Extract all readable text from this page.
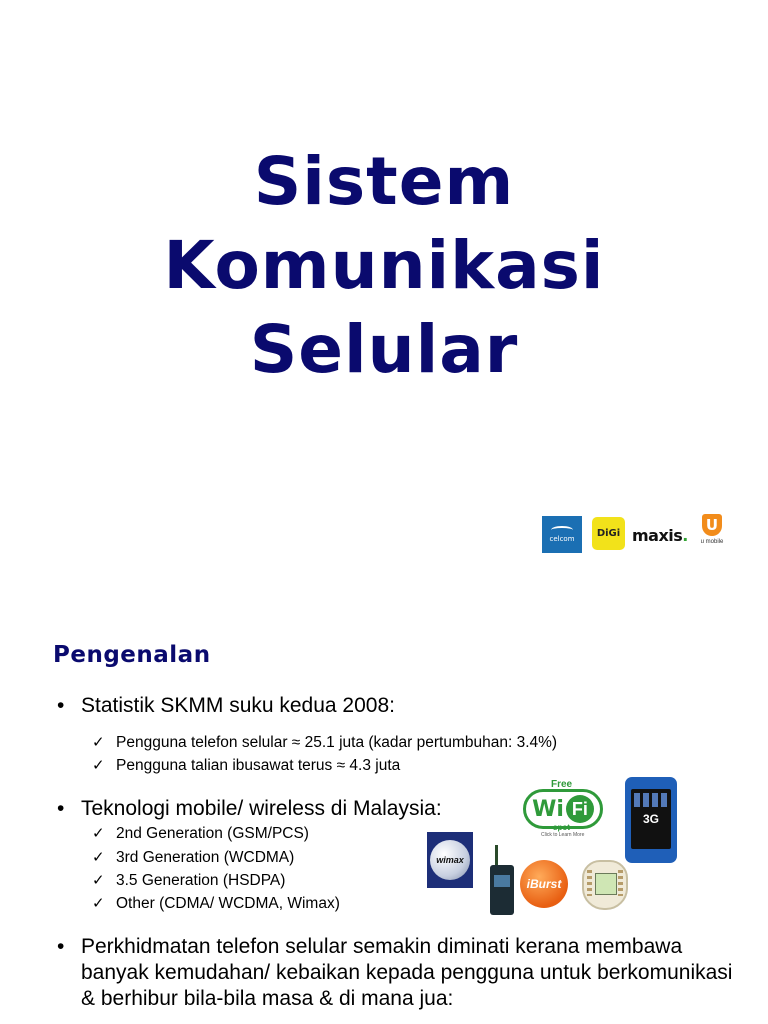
Sistem
Komunikasi
Selular
celcom DiGi maxis.
U
u mobile
Pengenalan
• Statistik SKMM suku kedua 2008:
✓ Pengguna telefon selular ≈ 25.1 juta (kadar pertumbuhan: 3.4%)
✓ Pengguna talian ibusawat terus ≈ 4.3 juta
• Teknologi mobile/ wireless di Malaysia:
✓ 2nd Generation (GSM/PCS)
✓ 3rd Generation (WCDMA)
✓ 3.5 Generation (HSDPA)
✓ Other (CDMA/ WCDMA, Wimax)
• Perkhidmatan telefon selular semakin diminati kerana membawa banyak kemudahan/ kebaikan kepada pengguna untuk berkomunikasi & berhibur bila-bila masa & di mana jua:
Free
Wi Fi
spot
Click to Learn More
3G
wimax
iBurst
